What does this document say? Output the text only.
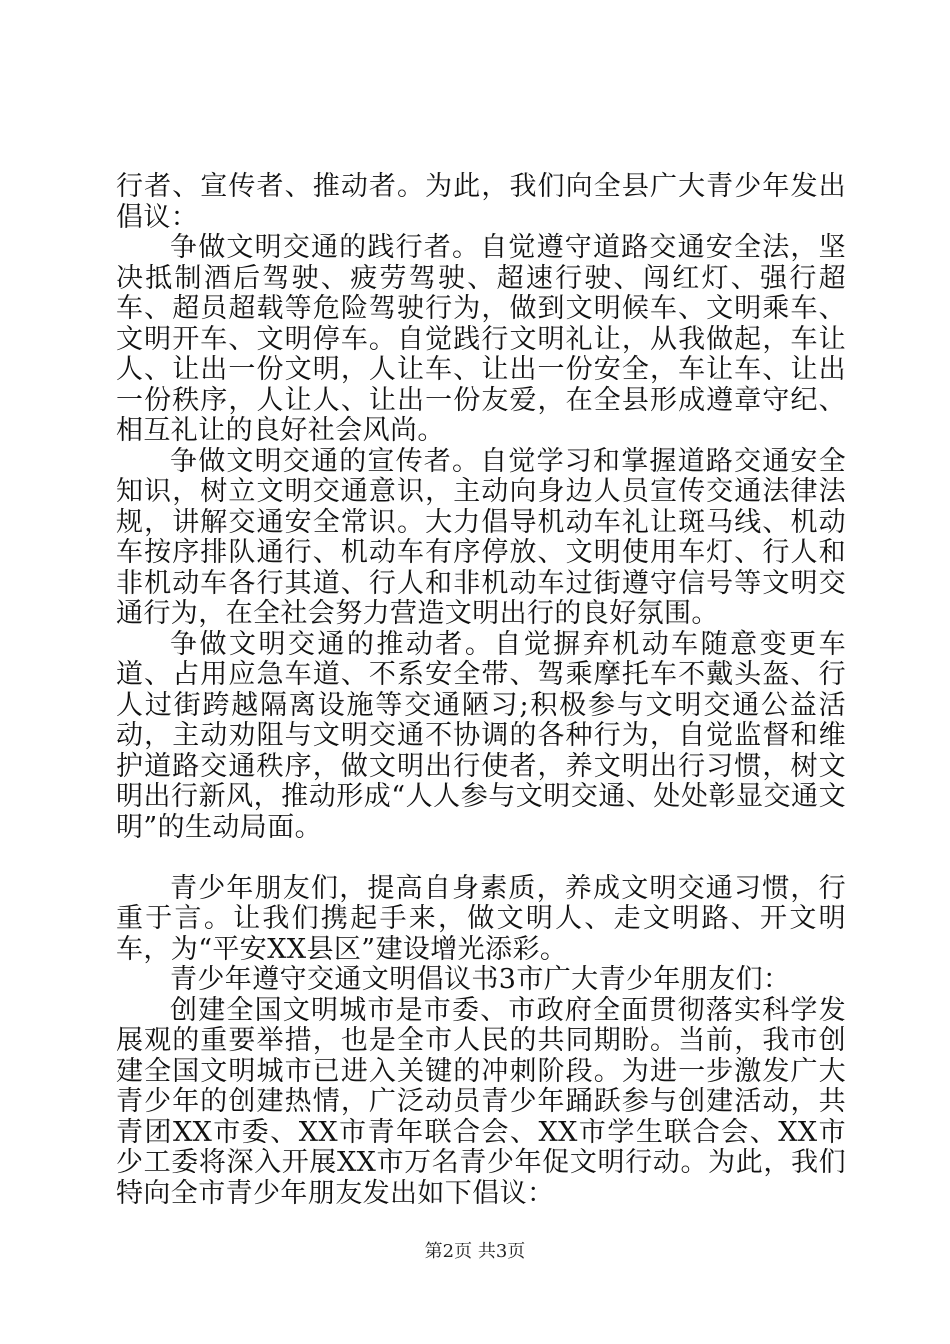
行者、宣传者、推动者。为此，我们向全县广大青少年发出倡议：

争做文明交通的践行者。自觉遵守道路交通安全法，坚决抵制酒后驾驶、疲劳驾驶、超速行驶、闯红灯、强行超车、超员超载等危险驾驶行为，做到文明候车、文明乘车、文明开车、文明停车。自觉践行文明礼让，从我做起，车让人、让出一份文明，人让车、让出一份安全，车让车、让出一份秩序，人让人、让出一份友爱，在全县形成遵章守纪、相互礼让的良好社会风尚。

争做文明交通的宣传者。自觉学习和掌握道路交通安全知识，树立文明交通意识，主动向身边人员宣传交通法律法规，讲解交通安全常识。大力倡导机动车礼让斑马线、机动车按序排队通行、机动车有序停放、文明使用车灯、行人和非机动车各行其道、行人和非机动车过街遵守信号等文明交通行为，在全社会努力营造文明出行的良好氛围。

争做文明交通的推动者。自觉摒弃机动车随意变更车道、占用应急车道、不系安全带、驾乘摩托车不戴头盔、行人过街跨越隔离设施等交通陋习;积极参与文明交通公益活动，主动劝阻与文明交通不协调的各种行为，自觉监督和维护道路交通秩序，做文明出行使者，养文明出行习惯，树文明出行新风，推动形成“人人参与文明交通、处处彰显交通文明”的生动局面。

青少年朋友们，提高自身素质，养成文明交通习惯，行重于言。让我们携起手来，做文明人、走文明路、开文明车，为“平安XX县区”建设增光添彩。

青少年遵守交通文明倡议书3市广大青少年朋友们：

创建全国文明城市是市委、市政府全面贯彻落实科学发展观的重要举措，也是全市人民的共同期盼。当前，我市创建全国文明城市已进入关键的冲刺阶段。为进一步激发广大青少年的创建热情，广泛动员青少年踊跃参与创建活动，共青团XX市委、XX市青年联合会、XX市学生联合会、XX市少工委将深入开展XX市万名青少年促文明行动。为此，我们特向全市青少年朋友发出如下倡议：

第2页 共3页
